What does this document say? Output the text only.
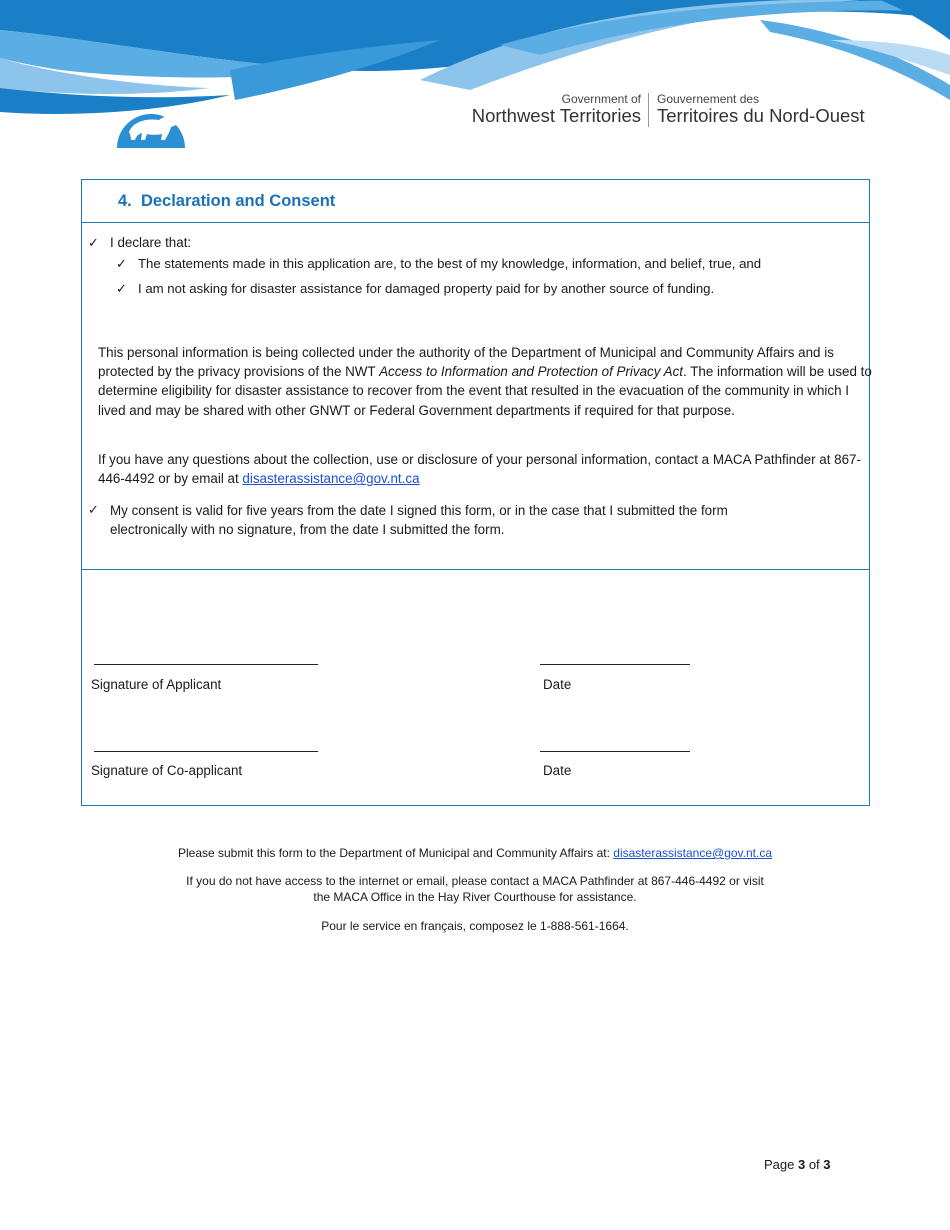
Government of
Northwest Territories
Gouvernement des
Territoires du Nord-Ouest
4. Declaration and Consent
✓ I declare that:
✓ The statements made in this application are, to the best of my knowledge, information, and belief, true, and
✓ I am not asking for disaster assistance for damaged property paid for by another source of funding.
This personal information is being collected under the authority of the Department of Municipal and Community Affairs and is protected by the privacy provisions of the NWT Access to Information and Protection of Privacy Act. The information will be used to determine eligibility for disaster assistance to recover from the event that resulted in the evacuation of the community in which I lived and may be shared with other GNWT or Federal Government departments if required for that purpose.
If you have any questions about the collection, use or disclosure of your personal information, contact a MACA Pathfinder at 867-446-4492 or by email at disasterassistance@gov.nt.ca
✓ My consent is valid for five years from the date I signed this form, or in the case that I submitted the form electronically with no signature, from the date I submitted the form.
Signature of Applicant	Date
Signature of Co-applicant	Date
Please submit this form to the Department of Municipal and Community Affairs at: disasterassistance@gov.nt.ca
If you do not have access to the internet or email, please contact a MACA Pathfinder at 867-446-4492 or visit
the MACA Office in the Hay River Courthouse for assistance.
Pour le service en français, composez le 1-888-561-1664.
Page 3 of 3
